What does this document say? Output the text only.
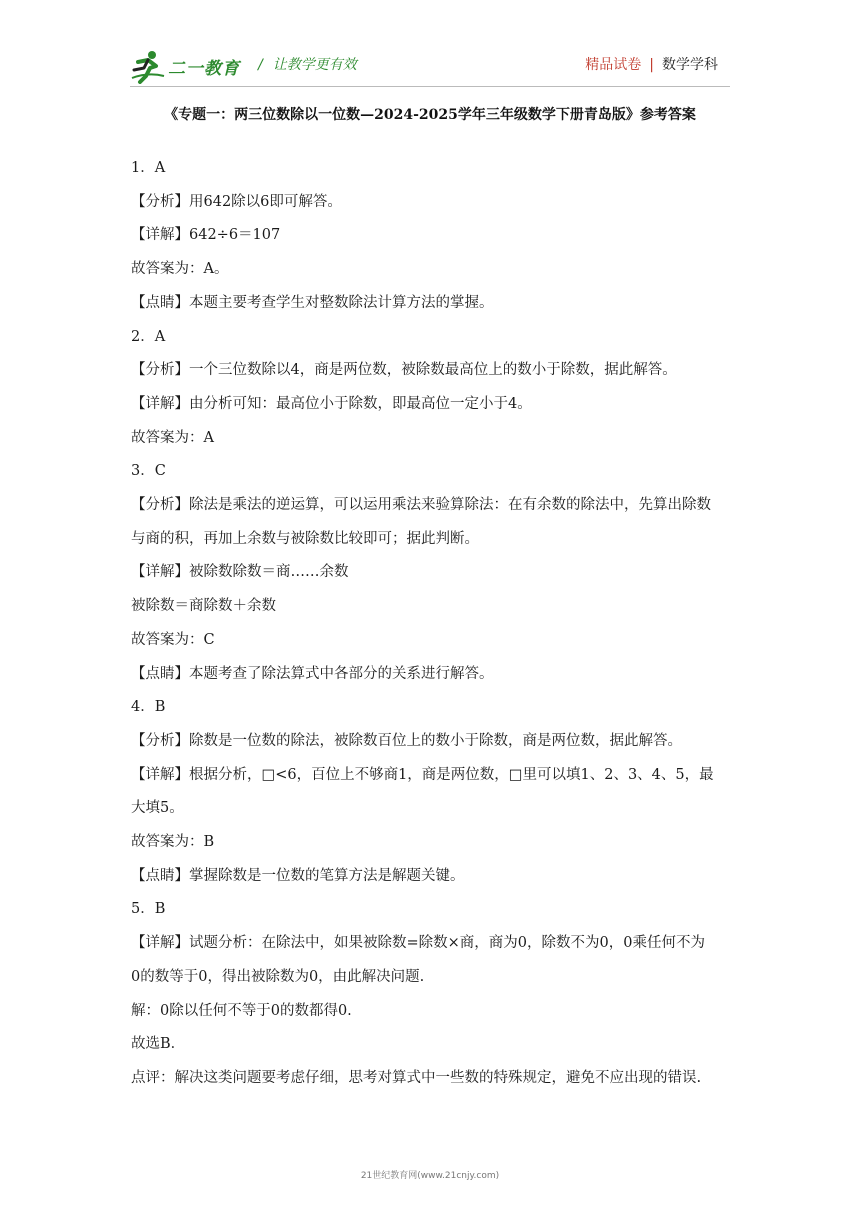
二一教育 / 让教学更有效	精品试卷 | 数学学科
《专题一：两三位数除以一位数—2024-2025学年三年级数学下册青岛版》参考答案

1．A

【分析】用642除以6即可解答。

【详解】642÷6＝107

故答案为：A。

【点睛】本题主要考查学生对整数除法计算方法的掌握。

2．A

【分析】一个三位数除以4，商是两位数，被除数最高位上的数小于除数，据此解答。

【详解】由分析可知：最高位小于除数，即最高位一定小于4。

故答案为：A

3．C

【分析】除法是乘法的逆运算，可以运用乘法来验算除法：在有余数的除法中，先算出除数

与商的积，再加上余数与被除数比较即可；据此判断。

【详解】被除数除数＝商……余数

被除数＝商除数＋余数

故答案为：C

【点睛】本题考查了除法算式中各部分的关系进行解答。

4．B

【分析】除数是一位数的除法，被除数百位上的数小于除数，商是两位数，据此解答。

【详解】根据分析，□<6，百位上不够商1，商是两位数，□里可以填1、2、3、4、5，最

大填5。

故答案为：B

【点睛】掌握除数是一位数的笔算方法是解题关键。

5．B

【详解】试题分析：在除法中，如果被除数=除数×商，商为0，除数不为0，0乘任何不为

0的数等于0，得出被除数为0，由此解决问题.

解：0除以任何不等于0的数都得0.

故选B．

点评：解决这类问题要考虑仔细，思考对算式中一些数的特殊规定，避免不应出现的错误.

21世纪教育网(www.21cnjy.com)
